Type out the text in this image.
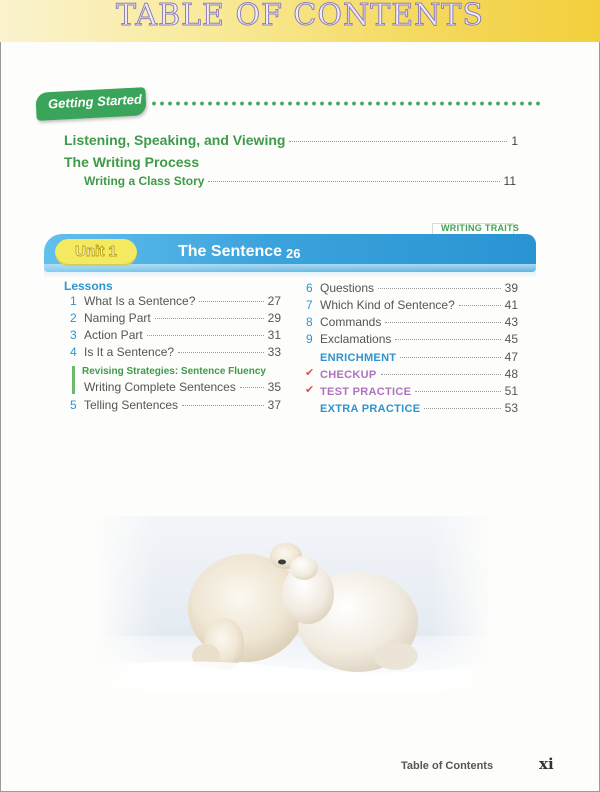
TABLE OF CONTENTS
Getting Started
Listening, Speaking, and Viewing	1
The Writing Process
Writing a Class Story	11
WRITING TRAITS
Unit 1	The Sentence 26
Lessons
1 What Is a Sentence?	27
2 Naming Part	29
3 Action Part	31
4 Is It a Sentence?	33
Revising Strategies: Sentence Fluency
Writing Complete Sentences	35
5 Telling Sentences	37
6 Questions	39
7 Which Kind of Sentence?	41
8 Commands	43
9 Exclamations	45
ENRICHMENT	47
✔ CHECKUP	48
✔ TEST PRACTICE	51
EXTRA PRACTICE	53
Table of Contents	xi
